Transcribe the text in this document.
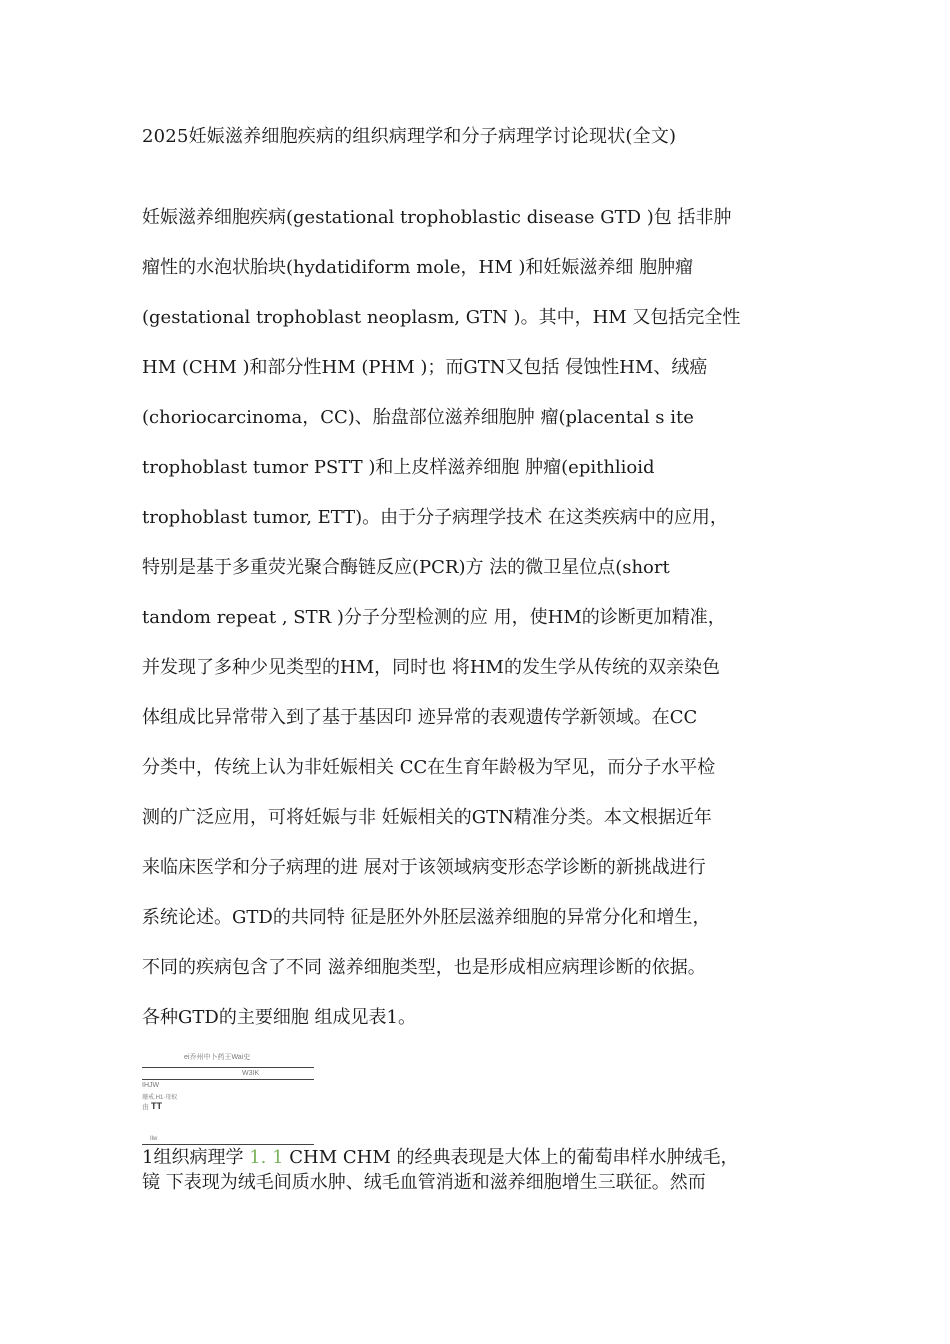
2025妊娠滋养细胞疾病的组织病理学和分子病理学讨论现状(全文)
妊娠滋养细胞疾病(gestational trophoblastic disease GTD )包 括非肿
瘤性的水泡状胎块(hydatidiform mole，HM )和妊娠滋养细 胞肿瘤
(gestational trophoblast neoplasm, GTN )。其中，HM 又包括完全性
HM (CHM )和部分性HM (PHM )；而GTN又包括 侵蚀性HM、绒癌
(choriocarcinoma，CC)、胎盘部位滋养细胞肿 瘤(placental s ite
trophoblast tumor PSTT )和上皮样滋养细胞 肿瘤(epithlioid
trophoblast tumor, ETT)。由于分子病理学技术 在这类疾病中的应用，
特别是基于多重荧光聚合酶链反应(PCR)方 法的微卫星位点(short
tandom repeat , STR )分子分型检测的应 用，使HM的诊断更加精准，
并发现了多种少见类型的HM，同时也 将HM的发生学从传统的双亲染色
体组成比异常带入到了基于基因印 迹异常的表观遗传学新领域。在CC
分类中，传统上认为非妊娠相关 CC在生育年龄极为罕见，而分子水平检
测的广泛应用，可将妊娠与非 妊娠相关的GTN精准分类。本文根据近年
来临床医学和分子病理的进 展对于该领域病变形态学诊断的新挑战进行
系统论述。GTD的共同特 征是胚外外胚层滋养细胞的异常分化和增生，
不同的疾病包含了不同 滋养细胞类型，也是形成相应病理诊断的依据。
各种GTD的主要细胞 组成见表1。
ei乔州中卜药王Wai史
W3IK
IHJW
珊戒.H1·母蚁
由 TT
Ilw
1组织病理学 1. 1 CHM CHM 的经典表现是大体上的葡萄串样水肿绒毛，
镜 下表现为绒毛间质水肿、绒毛血管消逝和滋养细胞增生三联征。然而
